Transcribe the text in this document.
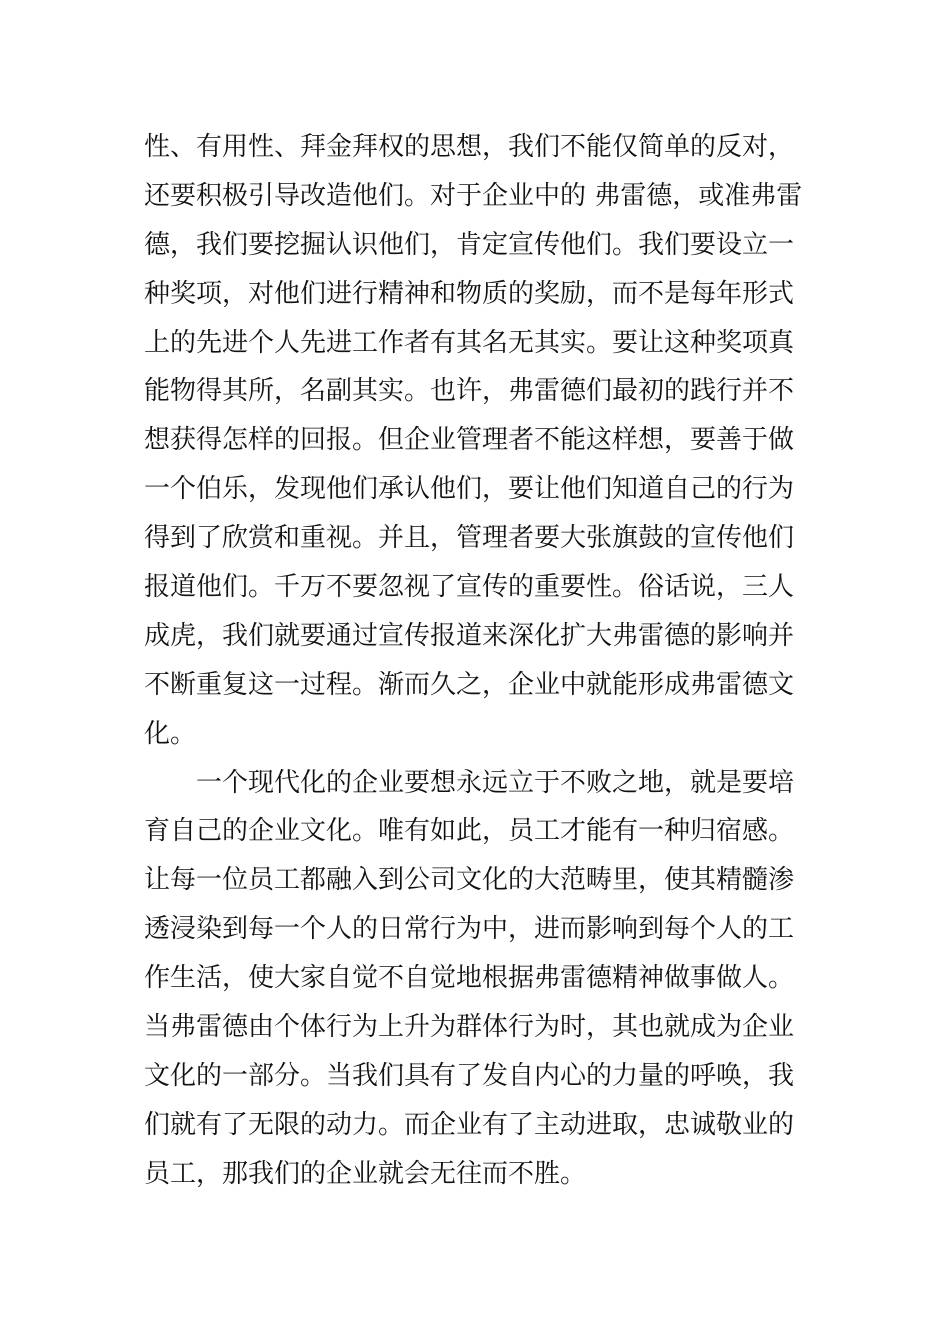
性、有用性、拜金拜权的思想，我们不能仅简单的反对，
还要积极引导改造他们。对于企业中的 弗雷德，或准弗雷
德，我们要挖掘认识他们，肯定宣传他们。我们要设立一
种奖项，对他们进行精神和物质的奖励，而不是每年形式
上的先进个人先进工作者有其名无其实。要让这种奖项真
能物得其所，名副其实。也许，弗雷德们最初的践行并不
想获得怎样的回报。但企业管理者不能这样想，要善于做
一个伯乐，发现他们承认他们，要让他们知道自己的行为
得到了欣赏和重视。并且，管理者要大张旗鼓的宣传他们
报道他们。千万不要忽视了宣传的重要性。俗话说，三人
成虎，我们就要通过宣传报道来深化扩大弗雷德的影响并
不断重复这一过程。渐而久之，企业中就能形成弗雷德文
化。
一个现代化的企业要想永远立于不败之地，就是要培
育自己的企业文化。唯有如此，员工才能有一种归宿感。
让每一位员工都融入到公司文化的大范畴里，使其精髓渗
透浸染到每一个人的日常行为中，进而影响到每个人的工
作生活，使大家自觉不自觉地根据弗雷德精神做事做人。
当弗雷德由个体行为上升为群体行为时，其也就成为企业
文化的一部分。当我们具有了发自内心的力量的呼唤，我
们就有了无限的动力。而企业有了主动进取，忠诚敬业的
员工，那我们的企业就会无往而不胜。
